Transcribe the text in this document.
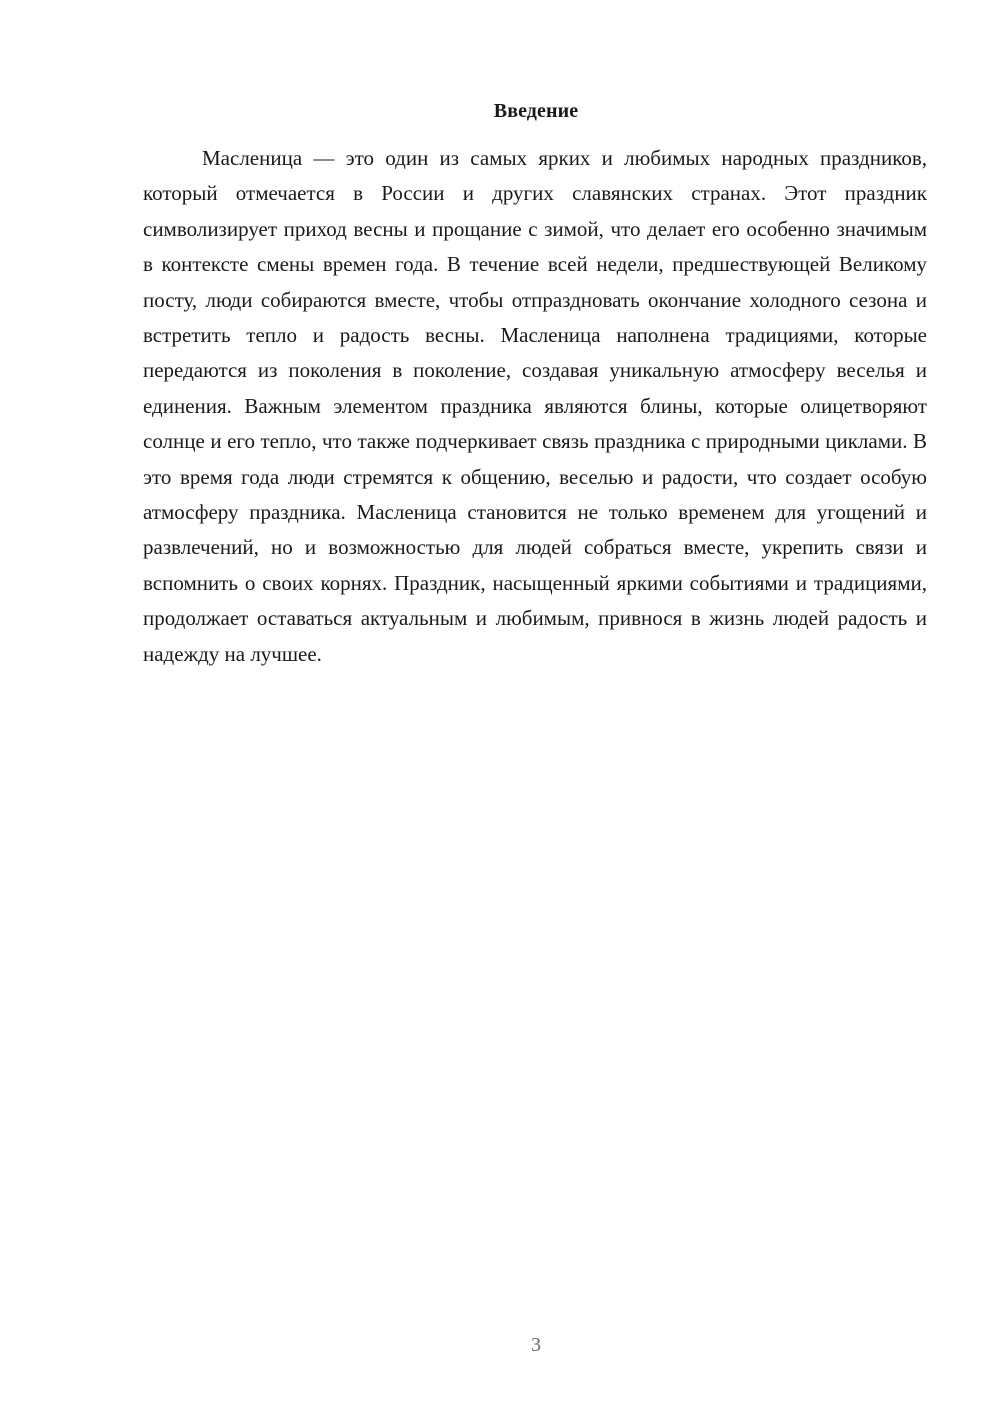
Введение

Масленица — это один из самых ярких и любимых народных праздников, который отмечается в России и других славянских странах. Этот праздник символизирует приход весны и прощание с зимой, что делает его особенно значимым в контексте смены времен года. В течение всей недели, предшествующей Великому посту, люди собираются вместе, чтобы отпраздновать окончание холодного сезона и встретить тепло и радость весны. Масленица наполнена традициями, которые передаются из поколения в поколение, создавая уникальную атмосферу веселья и единения. Важным элементом праздника являются блины, которые олицетворяют солнце и его тепло, что также подчеркивает связь праздника с природными циклами. В это время года люди стремятся к общению, веселью и радости, что создает особую атмосферу праздника. Масленица становится не только временем для угощений и развлечений, но и возможностью для людей собраться вместе, укрепить связи и вспомнить о своих корнях. Праздник, насыщенный яркими событиями и традициями, продолжает оставаться актуальным и любимым, привнося в жизнь людей радость и надежду на лучшее.

3
